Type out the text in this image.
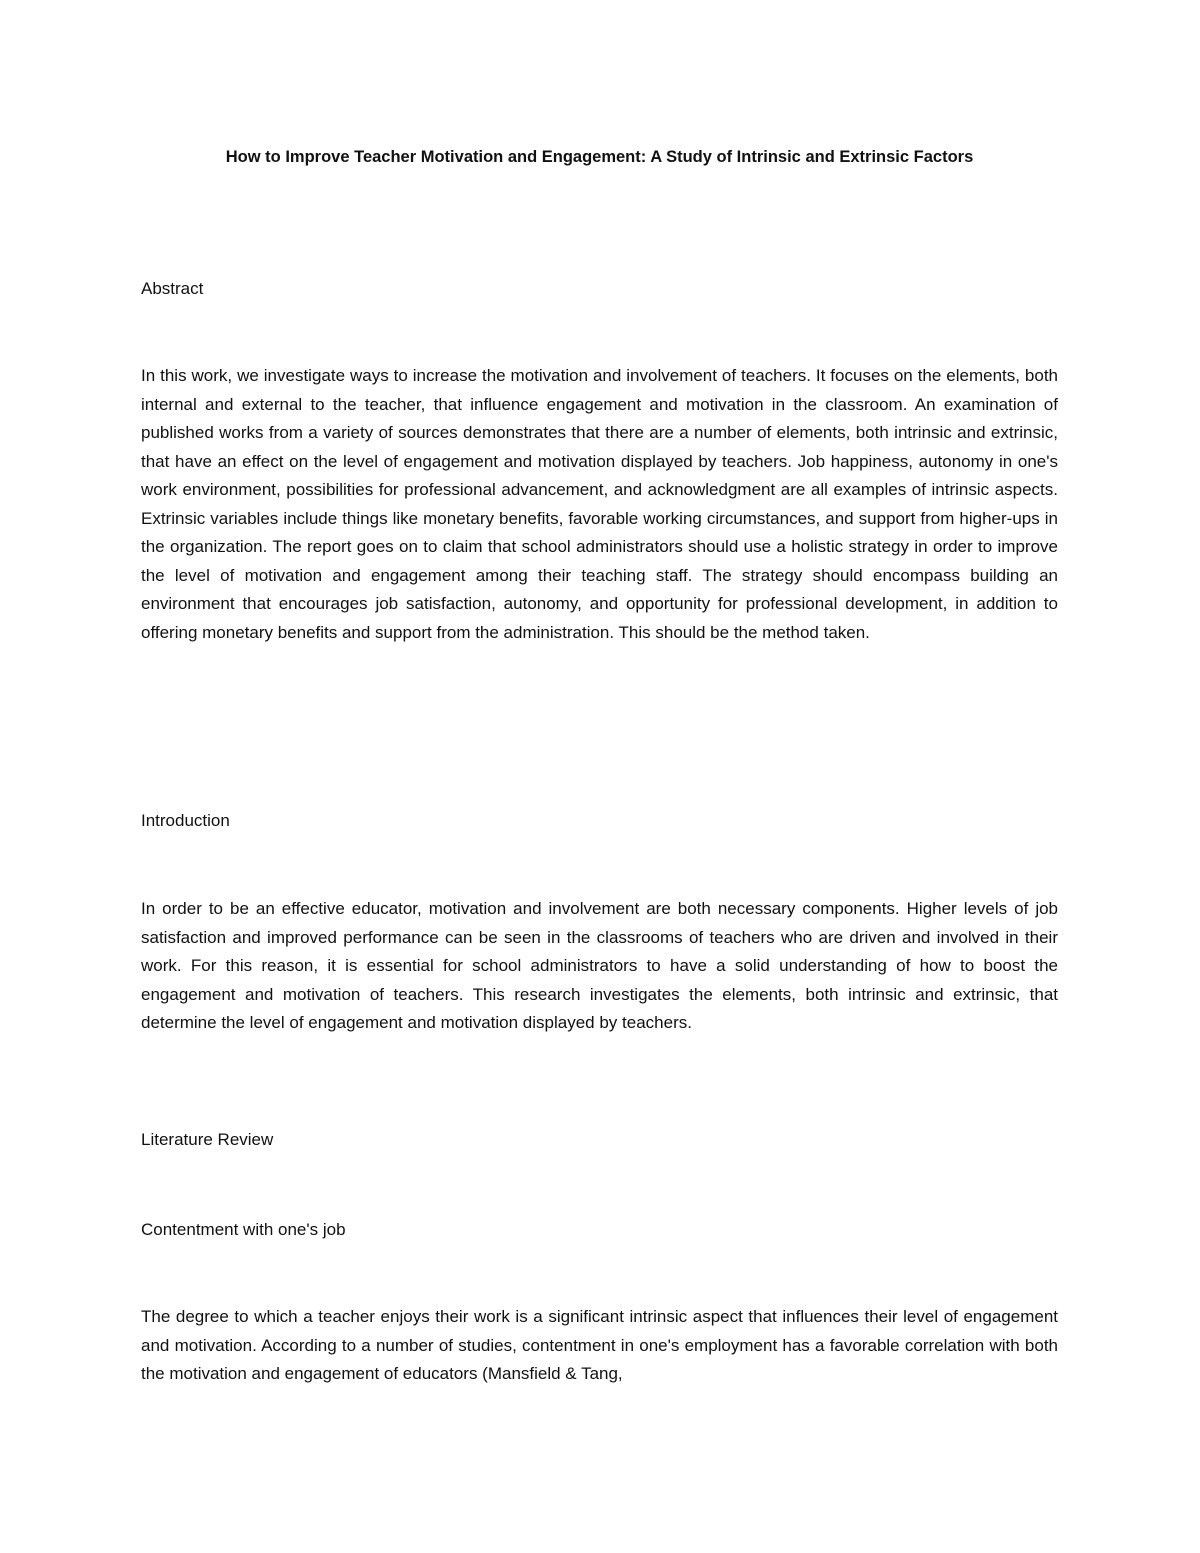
How to Improve Teacher Motivation and Engagement: A Study of Intrinsic and Extrinsic Factors
Abstract

In this work, we investigate ways to increase the motivation and involvement of teachers. It focuses on the elements, both internal and external to the teacher, that influence engagement and motivation in the classroom. An examination of published works from a variety of sources demonstrates that there are a number of elements, both intrinsic and extrinsic, that have an effect on the level of engagement and motivation displayed by teachers. Job happiness, autonomy in one's work environment, possibilities for professional advancement, and acknowledgment are all examples of intrinsic aspects. Extrinsic variables include things like monetary benefits, favorable working circumstances, and support from higher-ups in the organization. The report goes on to claim that school administrators should use a holistic strategy in order to improve the level of motivation and engagement among their teaching staff. The strategy should encompass building an environment that encourages job satisfaction, autonomy, and opportunity for professional development, in addition to offering monetary benefits and support from the administration. This should be the method taken.

Introduction

In order to be an effective educator, motivation and involvement are both necessary components. Higher levels of job satisfaction and improved performance can be seen in the classrooms of teachers who are driven and involved in their work. For this reason, it is essential for school administrators to have a solid understanding of how to boost the engagement and motivation of teachers. This research investigates the elements, both intrinsic and extrinsic, that determine the level of engagement and motivation displayed by teachers.

Literature Review
Contentment with one's job

The degree to which a teacher enjoys their work is a significant intrinsic aspect that influences their level of engagement and motivation. According to a number of studies, contentment in one's employment has a favorable correlation with both the motivation and engagement of educators (Mansfield & Tang,
